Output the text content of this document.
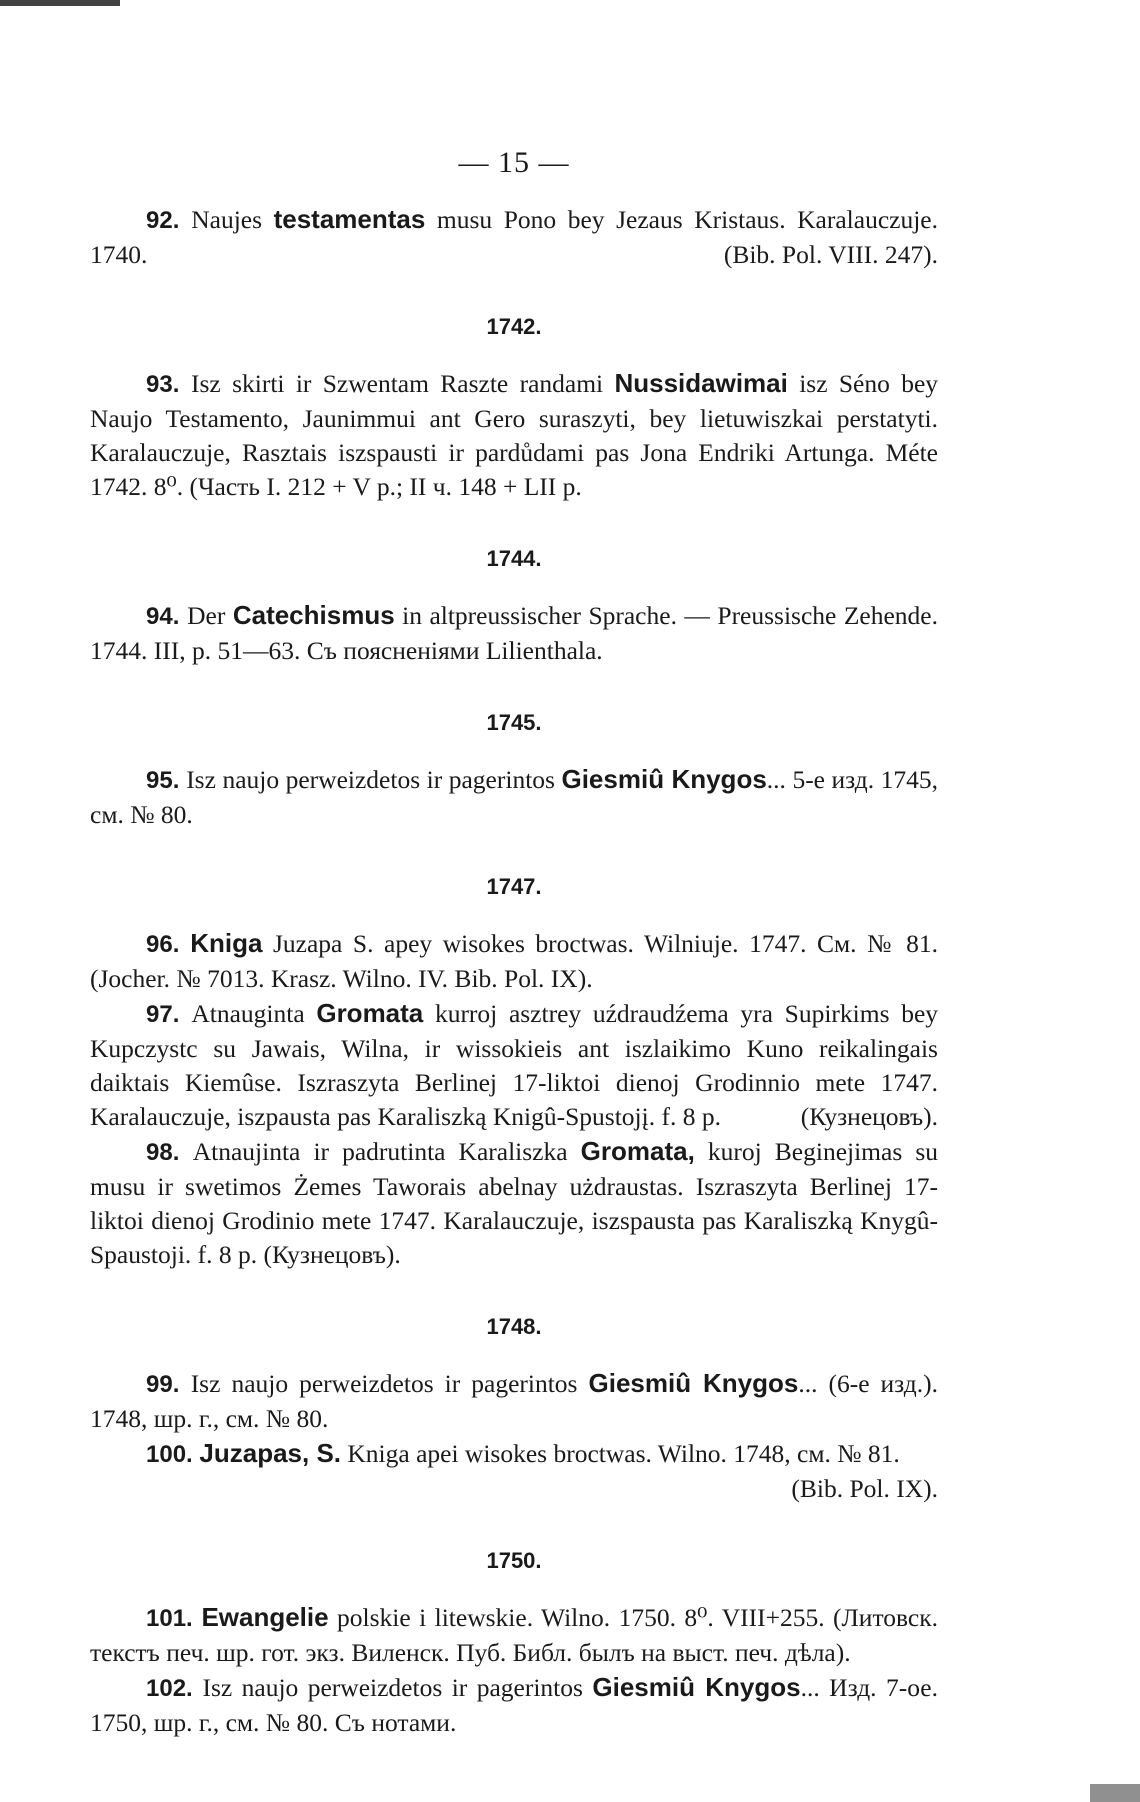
— 15 —

92. Naujes testamentas musu Pono bey Jezaus Kristaus. Karalauczuje. 1740.	(Bib. Pol. VIII. 247).

1742.

93. Isz skirti ir Szwentam Raszte randami Nussidawimai isz Séno bey Naujo Testamento, Jaunimmui ant Gero suraszyti, bey lietuwiszkai perstatyti. Karalauczuje, Rasztais iszspausti ir pardůdami pas Jona Endriki Artunga. Méte 1742. 8⁰. (Часть I. 212 + V p.; II ч. 148 + LII p.

1744.

94. Der Catechismus in altpreussischer Sprache. — Preussische Zehende. 1744. III, p. 51—63. Съ поясненіями Lilienthala.

1745.

95. Isz naujo perweizdetos ir pagerintos Giesmiû Knygos... 5-е изд. 1745, см. № 80.

1747.

96. Kniga Juzapa S. apey wisokes broctwas. Wilniuje. 1747. См. № 81. (Jocher. № 7013. Krasz. Wilno. IV. Bib. Pol. IX).

97. Atnauginta Gromata kurroj asztrey uźdraudźema yra Supirkims bey Kupczystc su Jawais, Wilna, ir wissokieis ant iszlaikimo Kuno reikalingais daiktais Kiemûse. Iszraszyta Berlinej 17-liktoi dienoj Grodinnio mete 1747. Karalauczuje, iszpausta pas Karaliszką Knigû-Spustojį. f. 8 p.	(Кузнецовъ).

98. Atnaujinta ir padrutinta Karaliszka Gromata, kuroj Beginejimas su musu ir swetimos Żemes Taworais abelnay użdraustas. Iszraszyta Berlinej 17-liktoi dienoj Grodinio mete 1747. Karalauczuje, iszspausta pas Karaliszką Knygû-Spaustoji. f. 8 p. (Кузнецовъ).

1748.

99. Isz naujo perweizdetos ir pagerintos Giesmiû Knygos... (6-е изд.). 1748, шр. г., см. № 80.

100. Juzapas, S. Kniga apei wisokes broctwas. Wilno. 1748, см. № 81.
(Bib. Pol. IX).

1750.

101. Ewangelie polskie i litewskie. Wilno. 1750. 8⁰. VIII+255. (Литовск. текстъ печ. шр. гот. экз. Виленск. Пуб. Библ. былъ на выст. печ. дѣла).

102. Isz naujo perweizdetos ir pagerintos Giesmiû Knygos... Изд. 7-ое. 1750, шр. г., см. № 80. Съ нотами.
